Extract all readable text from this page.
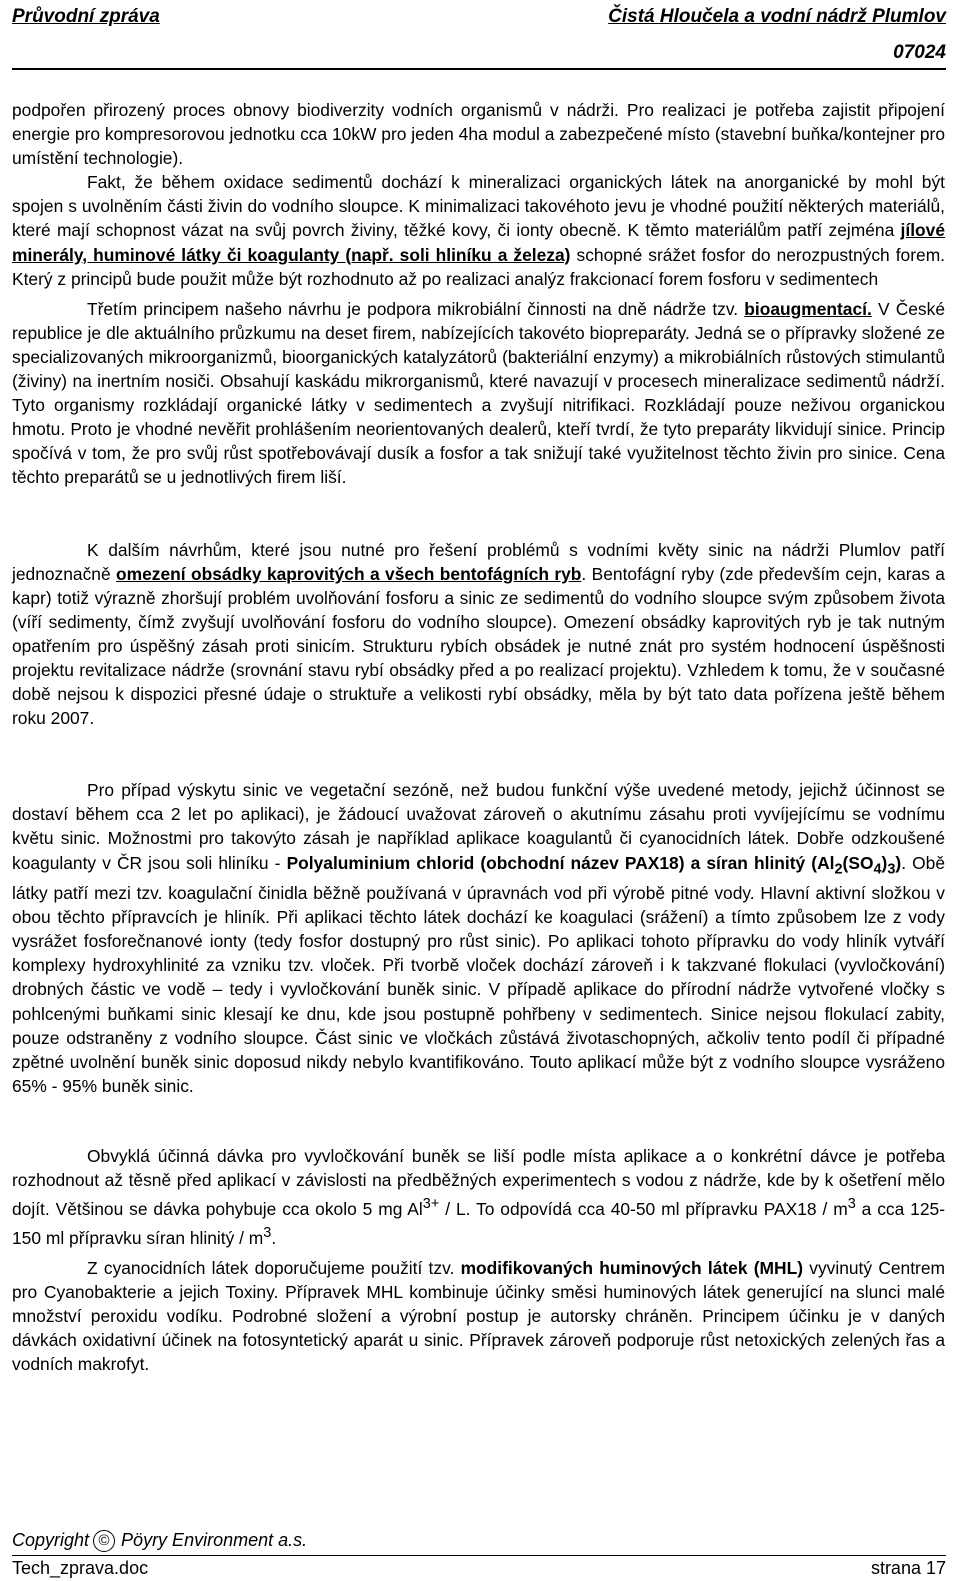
Průvodní zpráva	Čistá Hloučela a vodní nádrž Plumlov
07024

podpořen přirozený proces obnovy biodiverzity vodních organismů v nádrži. Pro realizaci je potřeba zajistit připojení energie pro kompresorovou jednotku cca 10kW pro jeden 4ha modul a zabezpečené místo (stavební buňka/kontejner pro umístění technologie).

Fakt, že během oxidace sedimentů dochází k mineralizaci organických látek na anorganické by mohl být spojen s uvolněním části živin do vodního sloupce. K minimalizaci takovéhoto jevu je vhodné použití některých materiálů, které mají schopnost vázat na svůj povrch živiny, těžké kovy, či ionty obecně. K těmto materiálům patří zejména jílové minerály, huminové látky či koagulanty (např. soli hliníku a železa) schopné srážet fosfor do nerozpustných forem. Který z principů bude použit může být rozhodnuto až po realizaci analýz frakcionací forem fosforu v sedimentech

Třetím principem našeho návrhu je podpora mikrobiální činnosti na dně nádrže tzv. bioaugmentací. V České republice je dle aktuálního průzkumu na deset firem, nabízejících takovéto biopreparáty. Jedná se o přípravky složené ze specializovaných mikroorganizmů, bioorganických katalyzátorů (bakteriální enzymy) a mikrobiálních růstových stimulantů (živiny) na inertním nosiči. Obsahují kaskádu mikrorganismů, které navazují v procesech mineralizace sedimentů nádrží. Tyto organismy rozkládají organické látky v sedimentech a zvyšují nitrifikaci. Rozkládají pouze neživou organickou hmotu. Proto je vhodné nevěřit prohlášením neorientovaných dealerů, kteří tvrdí, že tyto preparáty likvidují sinice. Princip spočívá v tom, že pro svůj růst spotřebovávají dusík a fosfor a tak snižují také využitelnost těchto živin pro sinice. Cena těchto preparátů se u jednotlivých firem liší.

K dalším návrhům, které jsou nutné pro řešení problémů s vodními květy sinic na nádrži Plumlov patří jednoznačně omezení obsádky kaprovitých a všech bentofágních ryb. Bentofágní ryby (zde především cejn, karas a kapr) totiž výrazně zhoršují problém uvolňování fosforu a sinic ze sedimentů do vodního sloupce svým způsobem života (víří sedimenty, čímž zvyšují uvolňování fosforu do vodního sloupce). Omezení obsádky kaprovitých ryb je tak nutným opatřením pro úspěšný zásah proti sinicím. Strukturu rybích obsádek je nutné znát pro systém hodnocení úspěšnosti projektu revitalizace nádrže (srovnání stavu rybí obsádky před a po realizací projektu). Vzhledem k tomu, že v současné době nejsou k dispozici přesné údaje o struktuře a velikosti rybí obsádky, měla by být tato data pořízena ještě během roku 2007.

Pro případ výskytu sinic ve vegetační sezóně, než budou funkční výše uvedené metody, jejichž účinnost se dostaví během cca 2 let po aplikaci), je žádoucí uvažovat zároveň o akutnímu zásahu proti vyvíjejícímu se vodnímu květu sinic. Možnostmi pro takovýto zásah je například aplikace koagulantů či cyanocidních látek. Dobře odzkoušené koagulanty v ČR jsou soli hliníku - Polyaluminium chlorid (obchodní název PAX18) a síran hlinitý $(Al_2(SO_4)_3)$. Obě látky patří mezi tzv. koagulační činidla běžně používaná v úpravnách vod při výrobě pitné vody. Hlavní aktivní složkou v obou těchto přípravcích je hliník. Při aplikaci těchto látek dochází ke koagulaci (srážení) a tímto způsobem lze z vody vysrážet fosforečnanové ionty (tedy fosfor dostupný pro růst sinic). Po aplikaci tohoto přípravku do vody hliník vytváří komplexy hydroxyhlinité za vzniku tzv. vloček. Při tvorbě vloček dochází zároveň i k takzvané flokulaci (vyvločkování) drobných částic ve vodě – tedy i vyvločkování buněk sinic. V případě aplikace do přírodní nádrže vytvořené vločky s pohlcenými buňkami sinic klesají ke dnu, kde jsou postupně pohřbeny v sedimentech. Sinice nejsou flokulací zabity, pouze odstraněny z vodního sloupce. Část sinic ve vločkách zůstává životaschopných, ačkoliv tento podíl či případné zpětné uvolnění buněk sinic doposud nikdy nebylo kvantifikováno. Touto aplikací může být z vodního sloupce vysráženo 65% - 95% buněk sinic.

Obvyklá účinná dávka pro vyvločkování buněk se liší podle místa aplikace a o konkrétní dávce je potřeba rozhodnout až těsně před aplikací v závislosti na předběžných experimentech s vodou z nádrže, kde by k ošetření mělo dojít. Většinou se dávka pohybuje cca okolo 5 mg $Al^{3+}$ / L. To odpovídá cca 40-50 ml přípravku $PAX18 / m^3$ a cca 125-150 ml přípravku síran hlinitý / $m^3$.

Z cyanocidních látek doporučujeme použití tzv. modifikovaných huminových látek (MHL) vyvinutý Centrem pro Cyanobakterie a jejich Toxiny. Přípravek MHL kombinuje účinky směsi huminových látek generující na slunci malé množství peroxidu vodíku. Podrobné složení a výrobní postup je autorsky chráněn. Principem účinku je v daných dávkách oxidativní účinek na fotosyntetický aparát u sinic. Přípravek zároveň podporuje růst netoxických zelených řas a vodních makrofyt.

Copyright © Pöyry Environment a.s.
Tech_zprava.doc	strana 17
